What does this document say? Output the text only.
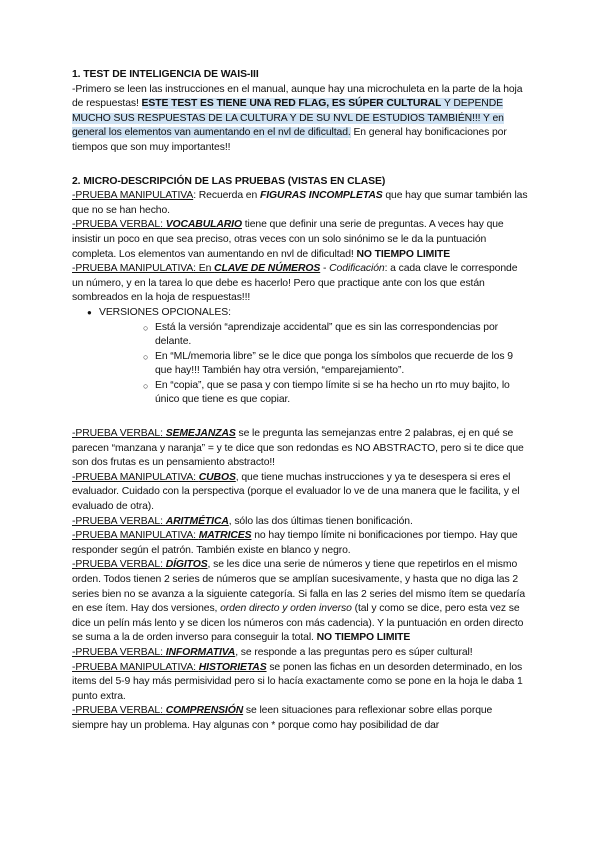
1. TEST DE INTELIGENCIA DE WAIS-III

-Primero se leen las instrucciones en el manual, aunque hay una microchuleta en la parte de la hoja de respuestas! ESTE TEST ES TIENE UNA RED FLAG, ES SÚPER CULTURAL Y DEPENDE MUCHO SUS RESPUESTAS DE LA CULTURA Y DE SU NVL DE ESTUDIOS TAMBIÉN!!! Y en general los elementos van aumentando en el nvl de dificultad. En general hay bonificaciones por tiempos que son muy importantes!!

2. MICRO-DESCRIPCIÓN DE LAS PRUEBAS (VISTAS EN CLASE)

-PRUEBA MANIPULATIVA: Recuerda en FIGURAS INCOMPLETAS que hay que sumar también las que no se han hecho.

-PRUEBA VERBAL: VOCABULARIO tiene que definir una serie de preguntas. A veces hay que insistir un poco en que sea preciso, otras veces con un solo sinónimo se le da la puntuación completa. Los elementos van aumentando en nvl de dificultad! NO TIEMPO LIMITE

-PRUEBA MANIPULATIVA: En CLAVE DE NÚMEROS - Codificación: a cada clave le corresponde un número, y en la tarea lo que debe es hacerlo! Pero que practique ante con los que están sombreados en la hoja de respuestas!!!

● VERSIONES OPCIONALES:
○ Está la versión “aprendizaje accidental” que es sin las correspondencias por delante.
○ En “ML/memoria libre” se le dice que ponga los símbolos que recuerde de los 9 que hay!!! También hay otra versión, “emparejamiento”.
○ En “copia”, que se pasa y con tiempo límite si se ha hecho un rto muy bajito, lo único que tiene es que copiar.

-PRUEBA VERBAL: SEMEJANZAS se le pregunta las semejanzas entre 2 palabras, ej en qué se parecen “manzana y naranja” = y te dice que son redondas es NO ABSTRACTO, pero si te dice que son dos frutas es un pensamiento abstracto!!

-PRUEBA MANIPULATIVA: CUBOS, que tiene muchas instrucciones y ya te desespera si eres el evaluador. Cuidado con la perspectiva (porque el evaluador lo ve de una manera que le facilita, y el evaluado de otra).

-PRUEBA VERBAL: ARITMÉTICA, sólo las dos últimas tienen bonificación.

-PRUEBA MANIPULATIVA: MATRICES no hay tiempo límite ni bonificaciones por tiempo. Hay que responder según el patrón. También existe en blanco y negro.

-PRUEBA VERBAL: DÍGITOS, se les dice una serie de números y tiene que repetirlos en el mismo orden. Todos tienen 2 series de números que se amplían sucesivamente, y hasta que no diga las 2 series bien no se avanza a la siguiente categoría. Si falla en las 2 series del mismo ítem se quedaría en ese ítem. Hay dos versiones, orden directo y orden inverso (tal y como se dice, pero esta vez se dice un pelín más lento y se dicen los números con más cadencia). Y la puntuación en orden directo se suma a la de orden inverso para conseguir la total. NO TIEMPO LIMITE

-PRUEBA VERBAL: INFORMATIVA, se responde a las preguntas pero es súper cultural!

-PRUEBA MANIPULATIVA: HISTORIETAS se ponen las fichas en un desorden determinado, en los items del 5-9 hay más permisividad pero si lo hacía exactamente como se pone en la hoja le daba 1 punto extra.

-PRUEBA VERBAL: COMPRENSIÓN se leen situaciones para reflexionar sobre ellas porque siempre hay un problema. Hay algunas con * porque como hay posibilidad de dar
